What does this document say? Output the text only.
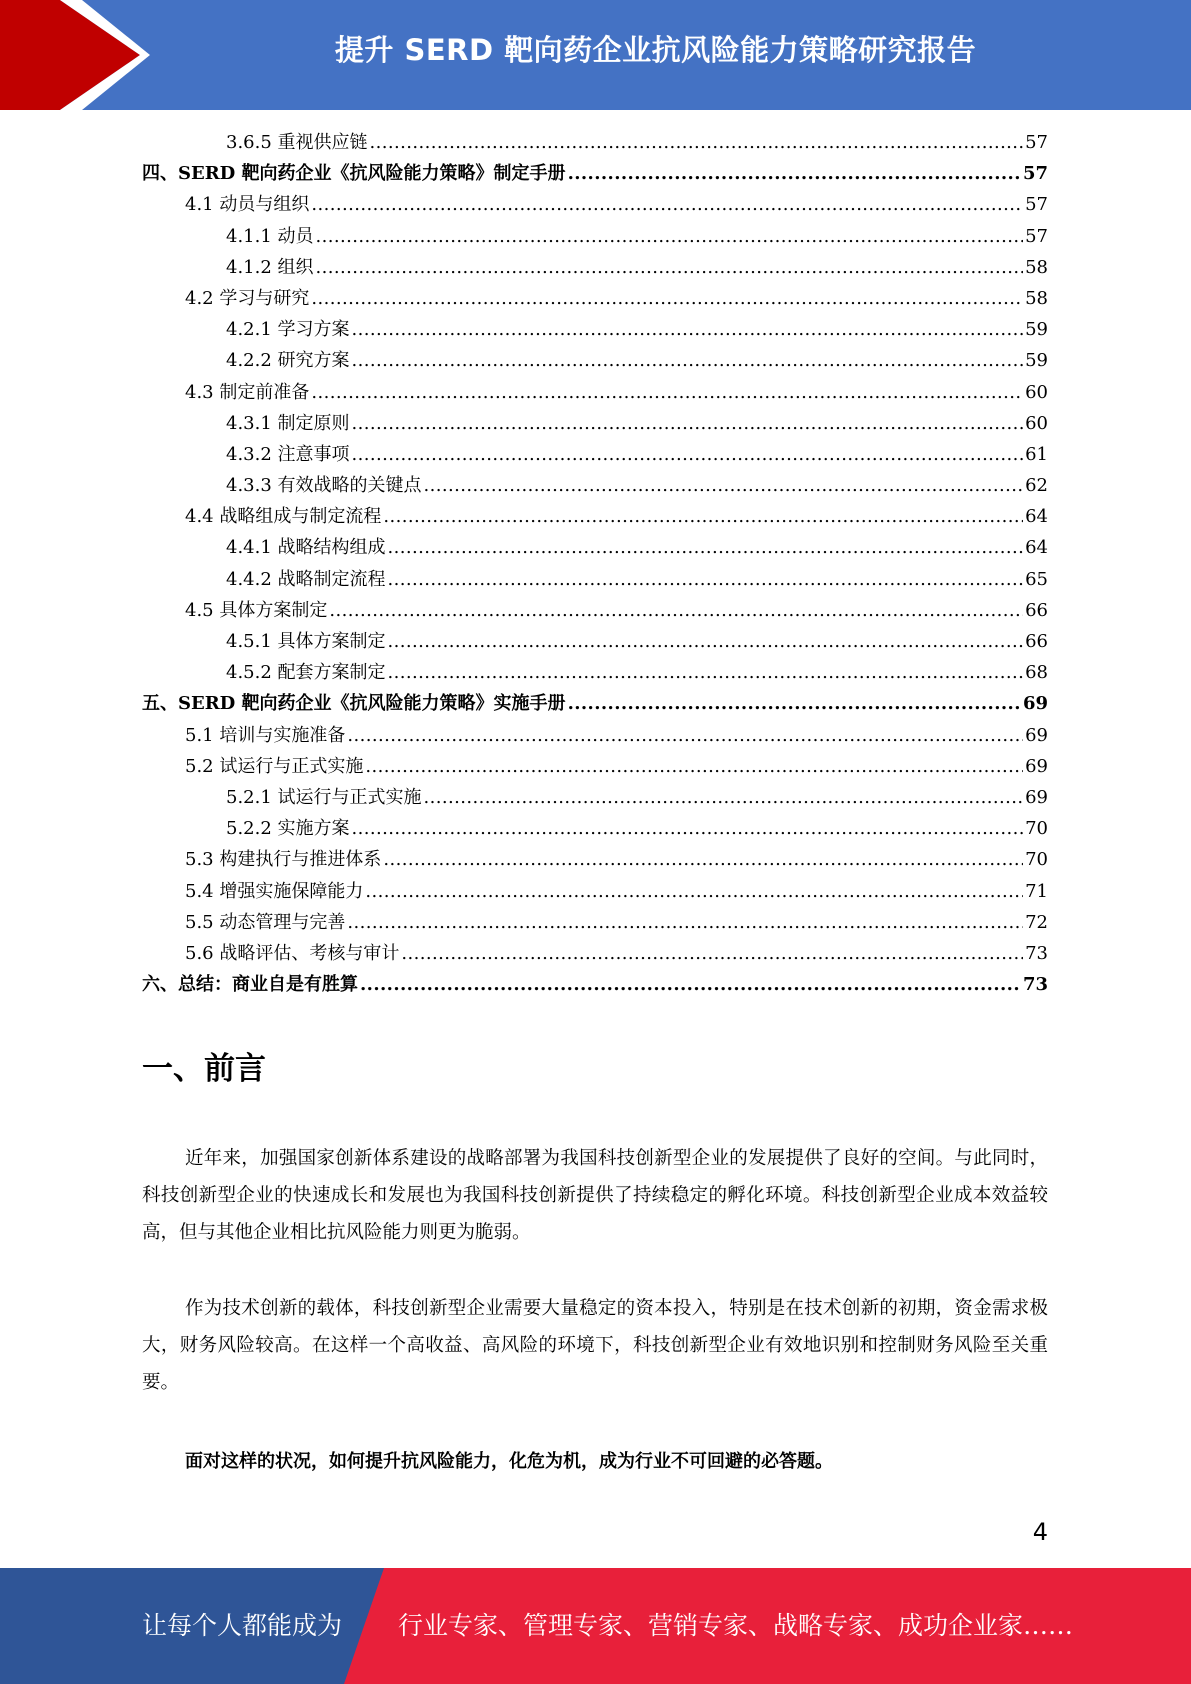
提升 SERD 靶向药企业抗风险能力策略研究报告
3.6.5 重视供应链 .....	57
四、SERD 靶向药企业《抗风险能力策略》制定手册 .....	57
4.1 动员与组织 .....	57
4.1.1 动员 .....	57
4.1.2 组织 .....	58
4.2 学习与研究 .....	58
4.2.1 学习方案 .....	59
4.2.2 研究方案 .....	59
4.3 制定前准备 .....	60
4.3.1 制定原则 .....	60
4.3.2 注意事项 .....	61
4.3.3 有效战略的关键点 .....	62
4.4 战略组成与制定流程 .....	64
4.4.1 战略结构组成 .....	64
4.4.2 战略制定流程 .....	65
4.5 具体方案制定 .....	66
4.5.1 具体方案制定 .....	66
4.5.2 配套方案制定 .....	68
五、SERD 靶向药企业《抗风险能力策略》实施手册 .....	69
5.1 培训与实施准备 .....	69
5.2 试运行与正式实施 .....	69
5.2.1 试运行与正式实施 .....	69
5.2.2 实施方案 .....	70
5.3 构建执行与推进体系 .....	70
5.4 增强实施保障能力 .....	71
5.5 动态管理与完善 .....	72
5.6 战略评估、考核与审计 .....	73
六、总结：商业自是有胜算 .....	73
一、前言

近年来，加强国家创新体系建设的战略部署为我国科技创新型企业的发展提供了良好的空间。与此同时，科技创新型企业的快速成长和发展也为我国科技创新提供了持续稳定的孵化环境。科技创新型企业成本效益较高，但与其他企业相比抗风险能力则更为脆弱。

作为技术创新的载体，科技创新型企业需要大量稳定的资本投入，特别是在技术创新的初期，资金需求极大，财务风险较高。在这样一个高收益、高风险的环境下，科技创新型企业有效地识别和控制财务风险至关重要。

面对这样的状况，如何提升抗风险能力，化危为机，成为行业不可回避的必答题。

4
让每个人都能成为 行业专家、管理专家、营销专家、战略专家、成功企业家……
